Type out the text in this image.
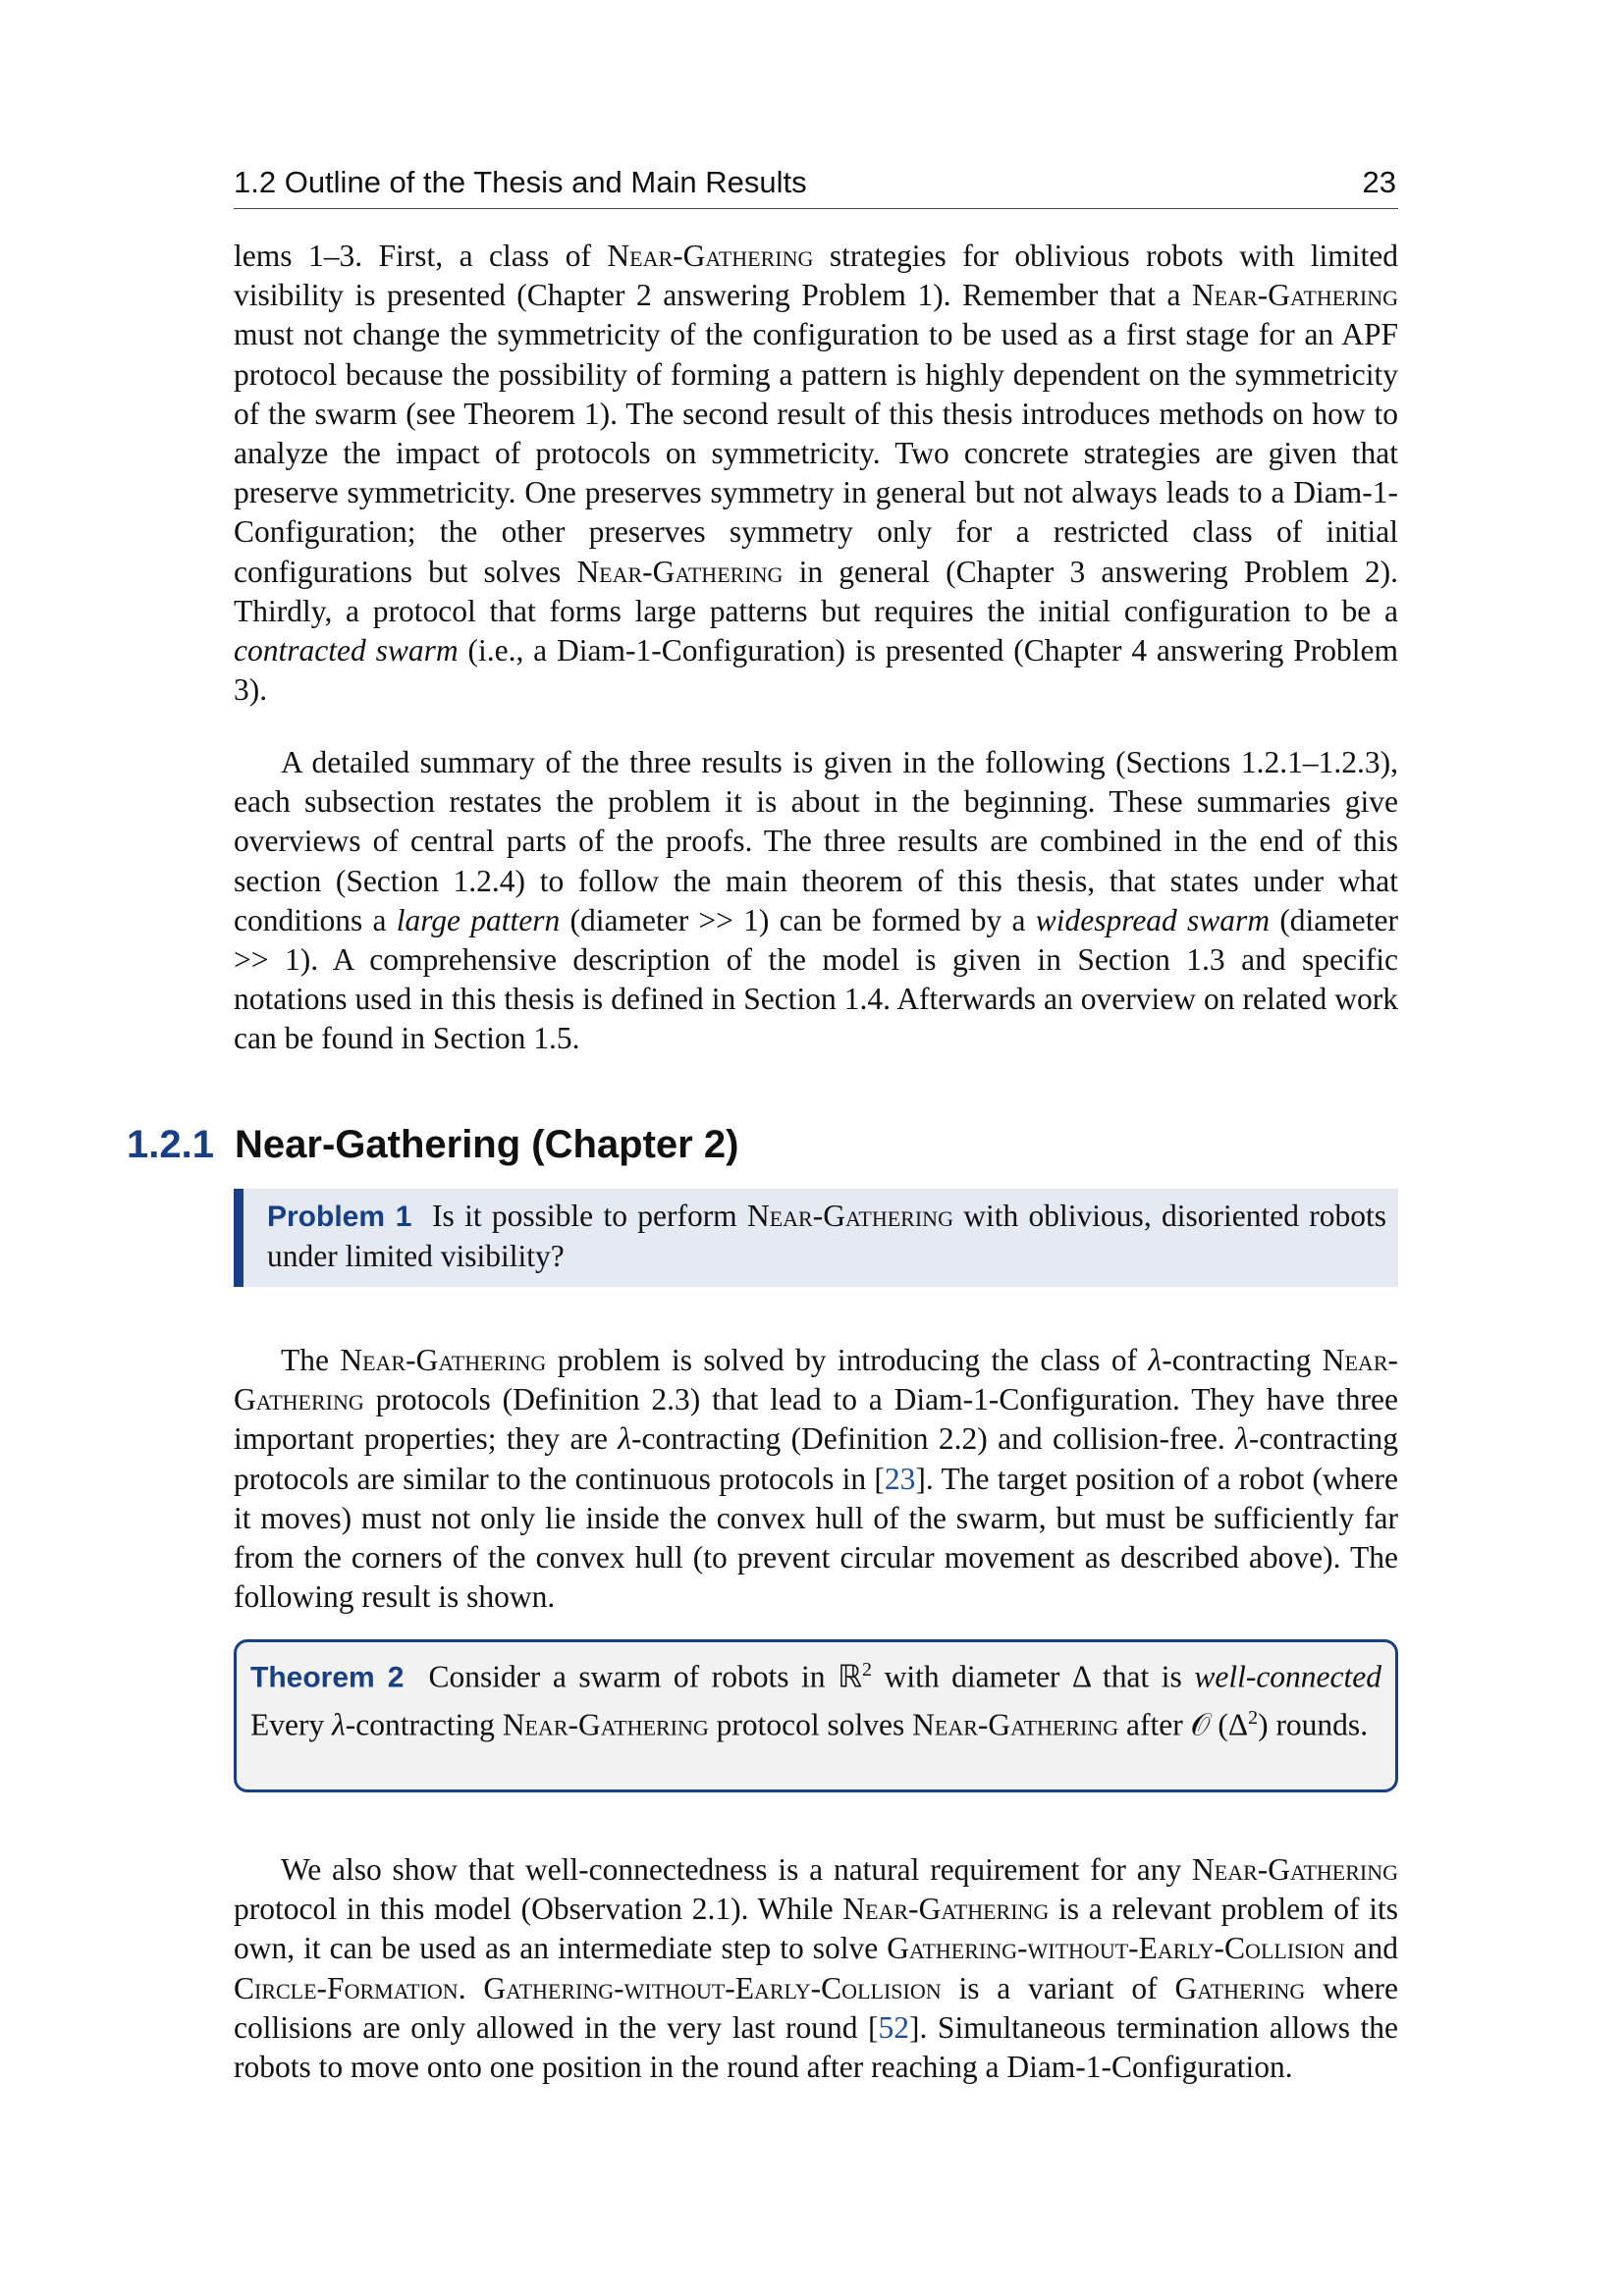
1.2 Outline of the Thesis and Main Results	23

lems 1–3. First, a class of Near-Gathering strategies for oblivious robots with limited visibility is presented (Chapter 2 answering Problem 1). Remember that a Near-Gathering must not change the symmetricity of the configuration to be used as a first stage for an APF protocol because the possibility of forming a pattern is highly dependent on the symmetricity of the swarm (see Theorem 1). The second result of this thesis introduces methods on how to analyze the impact of protocols on symmetricity. Two concrete strategies are given that preserve symmetricity. One preserves symmetry in general but not always leads to a Diam-1-Configuration; the other preserves symmetry only for a restricted class of initial configurations but solves Near-Gathering in general (Chapter 3 answering Problem 2). Thirdly, a protocol that forms large patterns but requires the initial configuration to be a contracted swarm (i.e., a Diam-1-Configuration) is presented (Chapter 4 answering Problem 3).

A detailed summary of the three results is given in the following (Sections 1.2.1–1.2.3), each subsection restates the problem it is about in the beginning. These summaries give overviews of central parts of the proofs. The three results are combined in the end of this section (Section 1.2.4) to follow the main theorem of this thesis, that states under what conditions a large pattern (diameter >> 1) can be formed by a widespread swarm (diameter >> 1). A comprehensive description of the model is given in Section 1.3 and specific notations used in this thesis is defined in Section 1.4. Afterwards an overview on related work can be found in Section 1.5.

1.2.1 Near-Gathering (Chapter 2)
Problem 1 Is it possible to perform Near-Gathering with oblivious, disoriented robots under limited visibility?

The Near-Gathering problem is solved by introducing the class of λ-contracting Near-Gathering protocols (Definition 2.3) that lead to a Diam-1-Configuration. They have three important properties; they are λ-contracting (Definition 2.2) and collision-free. λ-contracting protocols are similar to the continuous protocols in [23]. The target position of a robot (where it moves) must not only lie inside the convex hull of the swarm, but must be sufficiently far from the corners of the convex hull (to prevent circular movement as described above). The following result is shown.

Theorem 2 Consider a swarm of robots in ℝ$^2$ with diameter Δ that is well-connected Every λ-contracting Near-Gathering protocol solves Near-Gathering after 𝒪 $(\Delta^2)$ rounds.

We also show that well-connectedness is a natural requirement for any Near-Gathering protocol in this model (Observation 2.1). While Near-Gathering is a relevant problem of its own, it can be used as an intermediate step to solve Gathering-without-Early-Collision and Circle-Formation. Gathering-without-Early-Collision is a variant of Gathering where collisions are only allowed in the very last round [52]. Simultaneous termination allows the robots to move onto one position in the round after reaching a Diam-1-Configuration.
